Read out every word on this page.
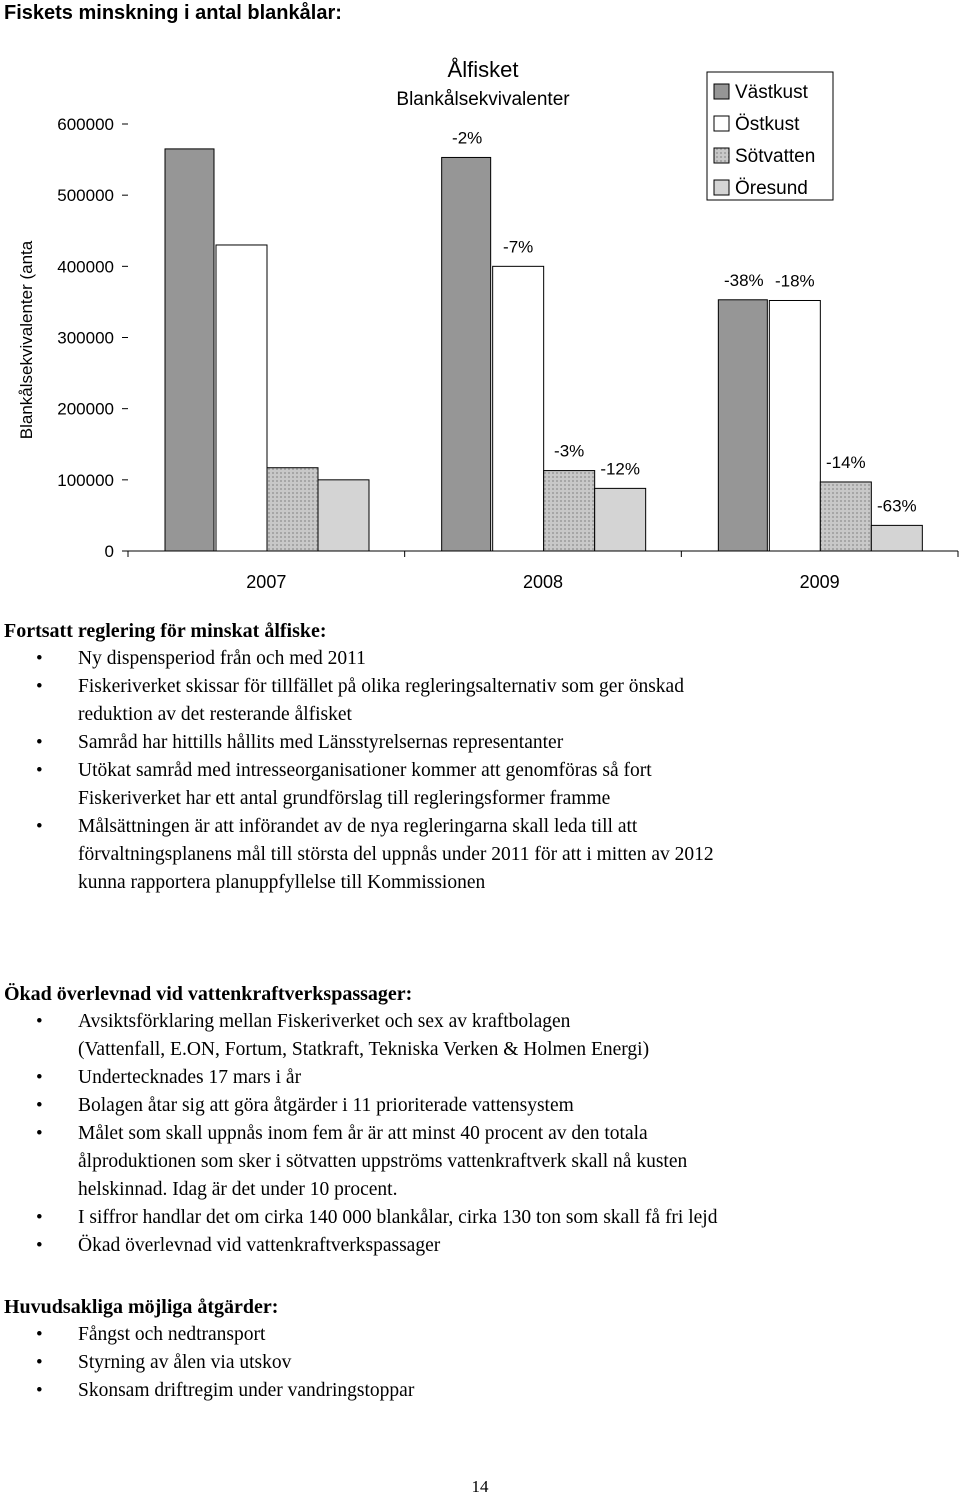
Fiskets minskning i antal blankålar:
Ålfisket
Blankålsekvivalenter
Blankålsekvivalenter (anta
0
100000
200000
300000
400000
500000
600000
2007
-2%
-7%
-3%
-12%
2008
-38% -18%
-14%
-63%
2009
Västkust
Östkust
Sötvatten
Öresund
Fortsatt reglering för minskat ålfiske:
• Ny dispensperiod från och med 2011
• Fiskeriverket skissar för tillfället på olika regleringsalternativ som ger önskad
reduktion av det resterande ålfisket
• Samråd har hittills hållits med Länsstyrelsernas representanter
• Utökat samråd med intresseorganisationer kommer att genomföras så fort
Fiskeriverket har ett antal grundförslag till regleringsformer framme
• Målsättningen är att införandet av de nya regleringarna skall leda till att
förvaltningsplanens mål till största del uppnås under 2011 för att i mitten av 2012
kunna rapportera planuppfyllelse till Kommissionen
Ökad överlevnad vid vattenkraftverkspassager:
• Avsiktsförklaring mellan Fiskeriverket och sex av kraftbolagen
(Vattenfall, E.ON, Fortum, Statkraft, Tekniska Verken & Holmen Energi)
• Undertecknades 17 mars i år
• Bolagen åtar sig att göra åtgärder i 11 prioriterade vattensystem
• Målet som skall uppnås inom fem år är att minst 40 procent av den totala
ålproduktionen som sker i sötvatten uppströms vattenkraftverk skall nå kusten
helskinnad. Idag är det under 10 procent.
• I siffror handlar det om cirka 140 000 blankålar, cirka 130 ton som skall få fri lejd
• Ökad överlevnad vid vattenkraftverkspassager
Huvudsakliga möjliga åtgärder:
• Fångst och nedtransport
• Styrning av ålen via utskov
• Skonsam driftregim under vandringstoppar
14
